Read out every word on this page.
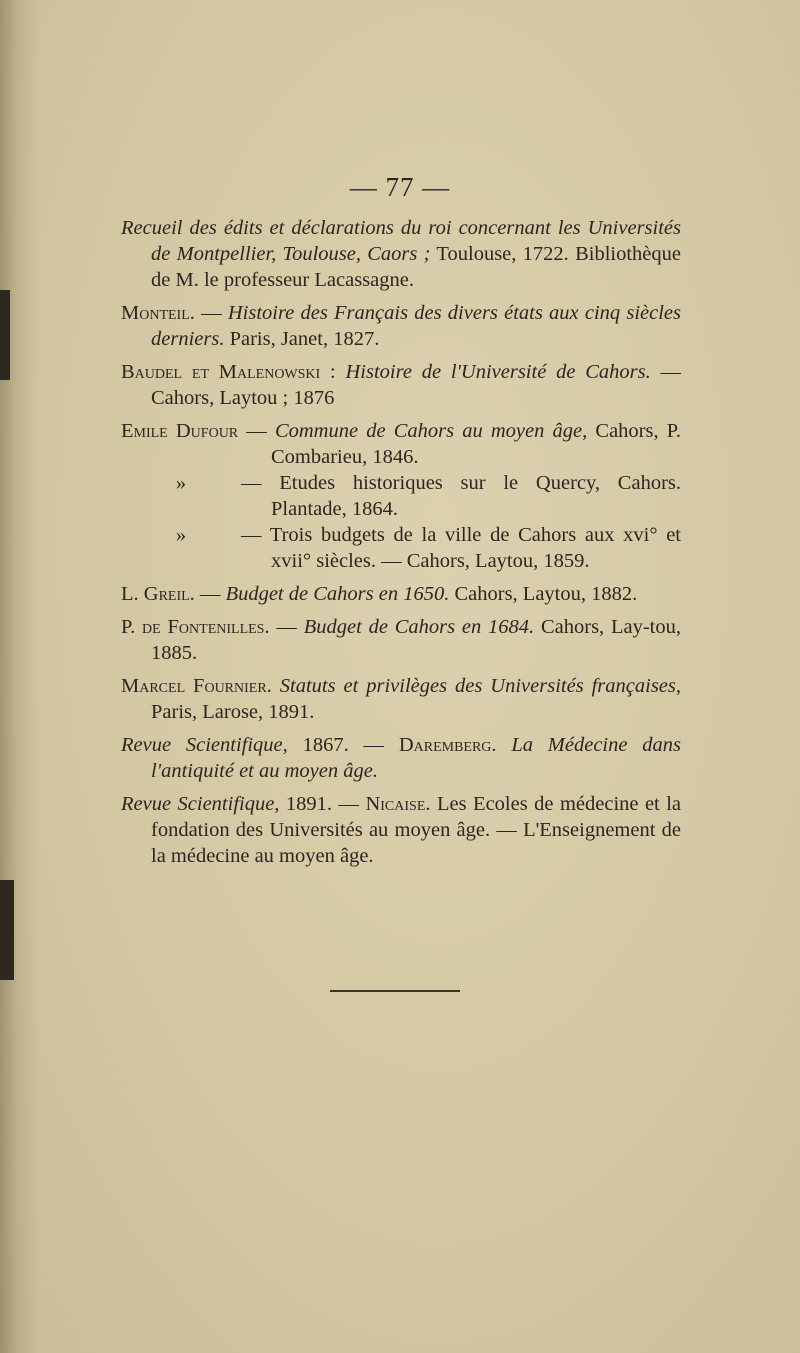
— 77 —

Recueil des édits et déclarations du roi concernant les Universités de Montpellier, Toulouse, Caors ; Toulouse, 1722. Bibliothèque de M. le professeur Lacassagne.

Monteil. — Histoire des Français des divers états aux cinq siècles derniers. Paris, Janet, 1827.

Baudel et Malenowski : Histoire de l'Université de Cahors. — Cahors, Laytou ; 1876

Emile Dufour — Commune de Cahors au moyen âge, Cahors, P. Combarieu, 1846.

»	— Etudes historiques sur le Quercy, Cahors. Plantade, 1864.

»	— Trois budgets de la ville de Cahors aux xvi° et xvii° siècles. — Cahors, Laytou, 1859.

L. Greil. — Budget de Cahors en 1650. Cahors, Laytou, 1882.

P. de Fontenilles. — Budget de Cahors en 1684. Cahors, Lay-tou, 1885.

Marcel Fournier. Statuts et privilèges des Universités françaises, Paris, Larose, 1891.

Revue Scientifique, 1867. — Daremberg. La Médecine dans l'antiquité et au moyen âge.

Revue Scientifique, 1891. — Nicaise. Les Ecoles de médecine et la fondation des Universités au moyen âge. — L'Enseignement de la médecine au moyen âge.
